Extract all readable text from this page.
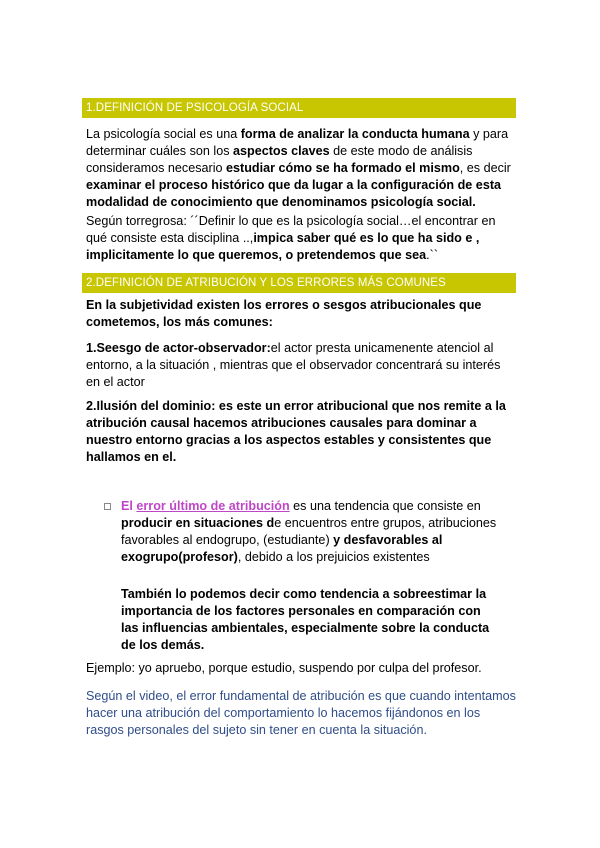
1.DEFINICIÓN DE PSICOLOGÍA SOCIAL

La psicología social es una forma de analizar la conducta humana y para determinar cuáles son los aspectos claves de este modo de análisis consideramos necesario estudiar cómo se ha formado el mismo, es decir examinar el proceso histórico que da lugar a la configuración de esta modalidad de conocimiento que denominamos psicología social.

Según torregrosa: ´´Definir lo que es la psicología social…el encontrar en qué consiste esta disciplina ..,impica saber qué es lo que ha sido e , implicitamente lo que queremos, o pretendemos que sea.``

2.DEFINICIÓN DE ATRIBUCIÓN Y LOS ERRORES MÁS COMUNES

En la subjetividad existen los errores o sesgos atribucionales que cometemos, los más comunes:

1.Seesgo de actor-observador:el actor presta unicamenente atenciol al entorno, a la situación , mientras que el observador concentrará su interés en el actor

2.Ilusión del dominio: es este un error atribucional que nos remite a la atribución causal hacemos atribuciones causales para dominar a nuestro entorno gracias a los aspectos estables y consistentes que hallamos en el.

El error último de atribución es una tendencia que consiste en producir en situaciones de encuentros entre grupos, atribuciones favorables al endogrupo, (estudiante) y desfavorables al exogrupo(profesor), debido a los prejuicios existentes

También lo podemos decir como tendencia a sobreestimar la importancia de los factores personales en comparación con las influencias ambientales, especialmente sobre la conducta de los demás.

Ejemplo: yo apruebo, porque estudio, suspendo por culpa del profesor.

Según el video, el error fundamental de atribución es que cuando intentamos hacer una atribución del comportamiento lo hacemos fijándonos en los rasgos personales del sujeto sin tener en cuenta la situación.
